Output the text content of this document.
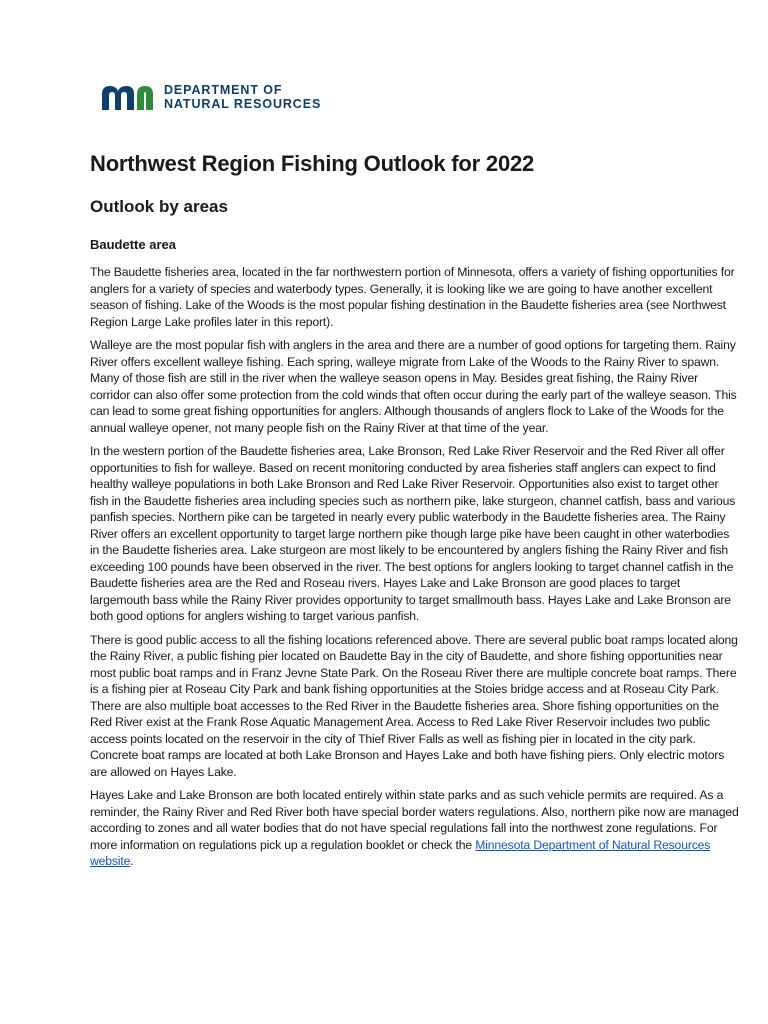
DEPARTMENT OF
NATURAL RESOURCES
Northwest Region Fishing Outlook for 2022
Outlook by areas
Baudette area

The Baudette fisheries area, located in the far northwestern portion of Minnesota, offers a variety of fishing opportunities for anglers for a variety of species and waterbody types. Generally, it is looking like we are going to have another excellent season of fishing. Lake of the Woods is the most popular fishing destination in the Baudette fisheries area (see Northwest Region Large Lake profiles later in this report).

Walleye are the most popular fish with anglers in the area and there are a number of good options for targeting them. Rainy River offers excellent walleye fishing. Each spring, walleye migrate from Lake of the Woods to the Rainy River to spawn. Many of those fish are still in the river when the walleye season opens in May. Besides great fishing, the Rainy River corridor can also offer some protection from the cold winds that often occur during the early part of the walleye season. This can lead to some great fishing opportunities for anglers. Although thousands of anglers flock to Lake of the Woods for the annual walleye opener, not many people fish on the Rainy River at that time of the year.

In the western portion of the Baudette fisheries area, Lake Bronson, Red Lake River Reservoir and the Red River all offer opportunities to fish for walleye. Based on recent monitoring conducted by area fisheries staff anglers can expect to find healthy walleye populations in both Lake Bronson and Red Lake River Reservoir. Opportunities also exist to target other fish in the Baudette fisheries area including species such as northern pike, lake sturgeon, channel catfish, bass and various panfish species. Northern pike can be targeted in nearly every public waterbody in the Baudette fisheries area. The Rainy River offers an excellent opportunity to target large northern pike though large pike have been caught in other waterbodies in the Baudette fisheries area. Lake sturgeon are most likely to be encountered by anglers fishing the Rainy River and fish exceeding 100 pounds have been observed in the river. The best options for anglers looking to target channel catfish in the Baudette fisheries area are the Red and Roseau rivers. Hayes Lake and Lake Bronson are good places to target largemouth bass while the Rainy River provides opportunity to target smallmouth bass. Hayes Lake and Lake Bronson are both good options for anglers wishing to target various panfish.

There is good public access to all the fishing locations referenced above. There are several public boat ramps located along the Rainy River, a public fishing pier located on Baudette Bay in the city of Baudette, and shore fishing opportunities near most public boat ramps and in Franz Jevne State Park. On the Roseau River there are multiple concrete boat ramps. There is a fishing pier at Roseau City Park and bank fishing opportunities at the Stoies bridge access and at Roseau City Park. There are also multiple boat accesses to the Red River in the Baudette fisheries area. Shore fishing opportunities on the Red River exist at the Frank Rose Aquatic Management Area. Access to Red Lake River Reservoir includes two public access points located on the reservoir in the city of Thief River Falls as well as fishing pier in located in the city park. Concrete boat ramps are located at both Lake Bronson and Hayes Lake and both have fishing piers. Only electric motors are allowed on Hayes Lake.

Hayes Lake and Lake Bronson are both located entirely within state parks and as such vehicle permits are required. As a reminder, the Rainy River and Red River both have special border waters regulations. Also, northern pike now are managed according to zones and all water bodies that do not have special regulations fall into the northwest zone regulations. For more information on regulations pick up a regulation booklet or check the Minnesota Department of Natural Resources website.
